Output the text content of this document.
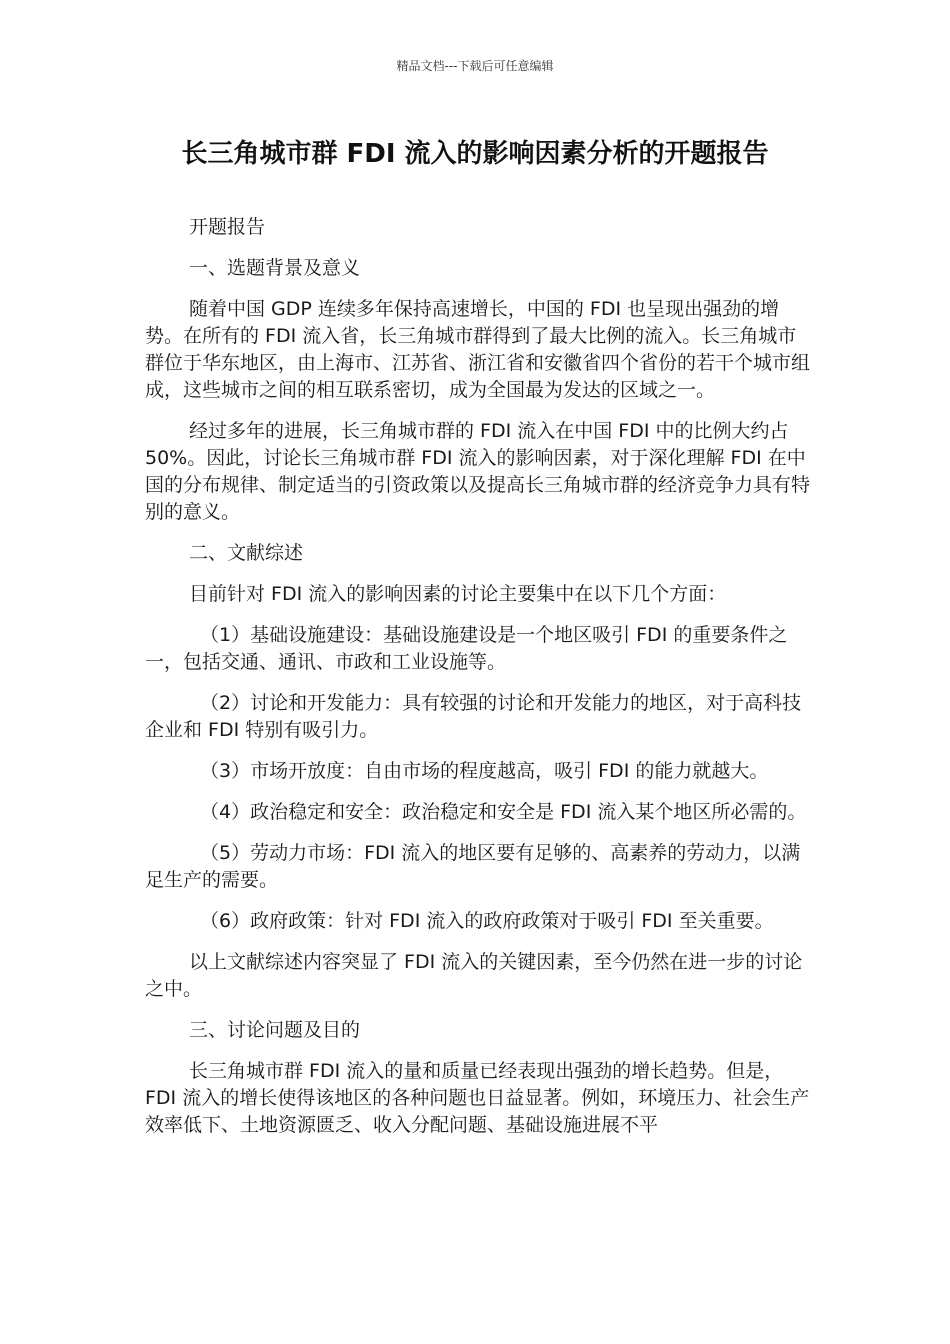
精品文档---下载后可任意编辑
长三角城市群 FDI 流入的影响因素分析的开题报告

开题报告

一、选题背景及意义

随着中国 GDP 连续多年保持高速增长，中国的 FDI 也呈现出强劲的增势。在所有的 FDI 流入省，长三角城市群得到了最大比例的流入。长三角城市群位于华东地区，由上海市、江苏省、浙江省和安徽省四个省份的若干个城市组成，这些城市之间的相互联系密切，成为全国最为发达的区域之一。

经过多年的进展，长三角城市群的 FDI 流入在中国 FDI 中的比例大约占 50%。因此，讨论长三角城市群 FDI 流入的影响因素，对于深化理解 FDI 在中国的分布规律、制定适当的引资政策以及提高长三角城市群的经济竞争力具有特别的意义。

二、文献综述

目前针对 FDI 流入的影响因素的讨论主要集中在以下几个方面：

（1）基础设施建设：基础设施建设是一个地区吸引 FDI 的重要条件之一，包括交通、通讯、市政和工业设施等。

（2）讨论和开发能力：具有较强的讨论和开发能力的地区，对于高科技企业和 FDI 特别有吸引力。

（3）市场开放度：自由市场的程度越高，吸引 FDI 的能力就越大。

（4）政治稳定和安全：政治稳定和安全是 FDI 流入某个地区所必需的。

（5）劳动力市场：FDI 流入的地区要有足够的、高素养的劳动力，以满足生产的需要。

（6）政府政策：针对 FDI 流入的政府政策对于吸引 FDI 至关重要。

以上文献综述内容突显了 FDI 流入的关键因素，至今仍然在进一步的讨论之中。

三、讨论问题及目的

长三角城市群 FDI 流入的量和质量已经表现出强劲的增长趋势。但是，FDI 流入的增长使得该地区的各种问题也日益显著。例如，环境压力、社会生产效率低下、土地资源匮乏、收入分配问题、基础设施进展不平
